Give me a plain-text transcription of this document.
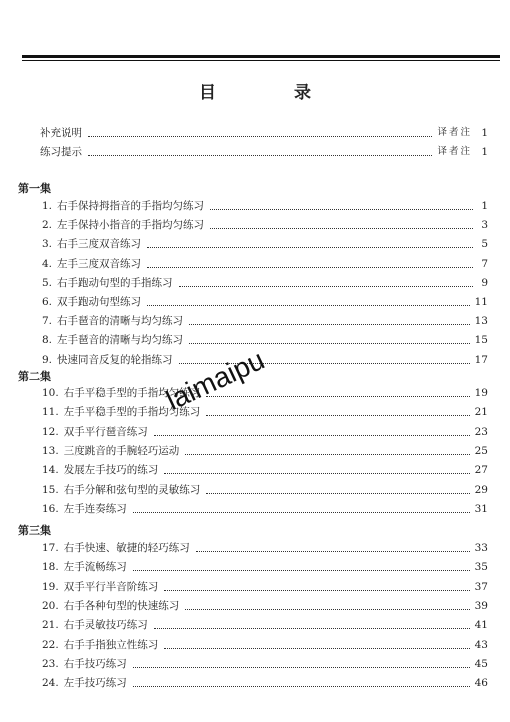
目 录
补充说明	译者注 1
练习提示	译者注 1
第一集
1. 右手保持拇指音的手指均匀练习	1
2. 左手保持小指音的手指均匀练习	3
3. 右手三度双音练习	5
4. 左手三度双音练习	7
5. 右手跑动句型的手指练习	9
6. 双手跑动句型练习	11
7. 右手琶音的清晰与均匀练习	13
8. 左手琶音的清晰与均匀练习	15
9. 快速同音反复的轮指练习	17
第二集
10. 右手平稳手型的手指均匀练习	19
11. 左手平稳手型的手指均匀练习	21
12. 双手平行琶音练习	23
13. 三度跳音的手腕轻巧运动	25
14. 发展左手技巧的练习	27
15. 右手分解和弦句型的灵敏练习	29
16. 左手连奏练习	31
第三集
17. 右手快速、敏捷的轻巧练习	33
18. 左手流畅练习	35
19. 双手平行半音阶练习	37
20. 右手各种句型的快速练习	39
21. 右手灵敏技巧练习	41
22. 右手手指独立性练习	43
23. 右手技巧练习	45
24. 左手技巧练习	46
laimaipu
